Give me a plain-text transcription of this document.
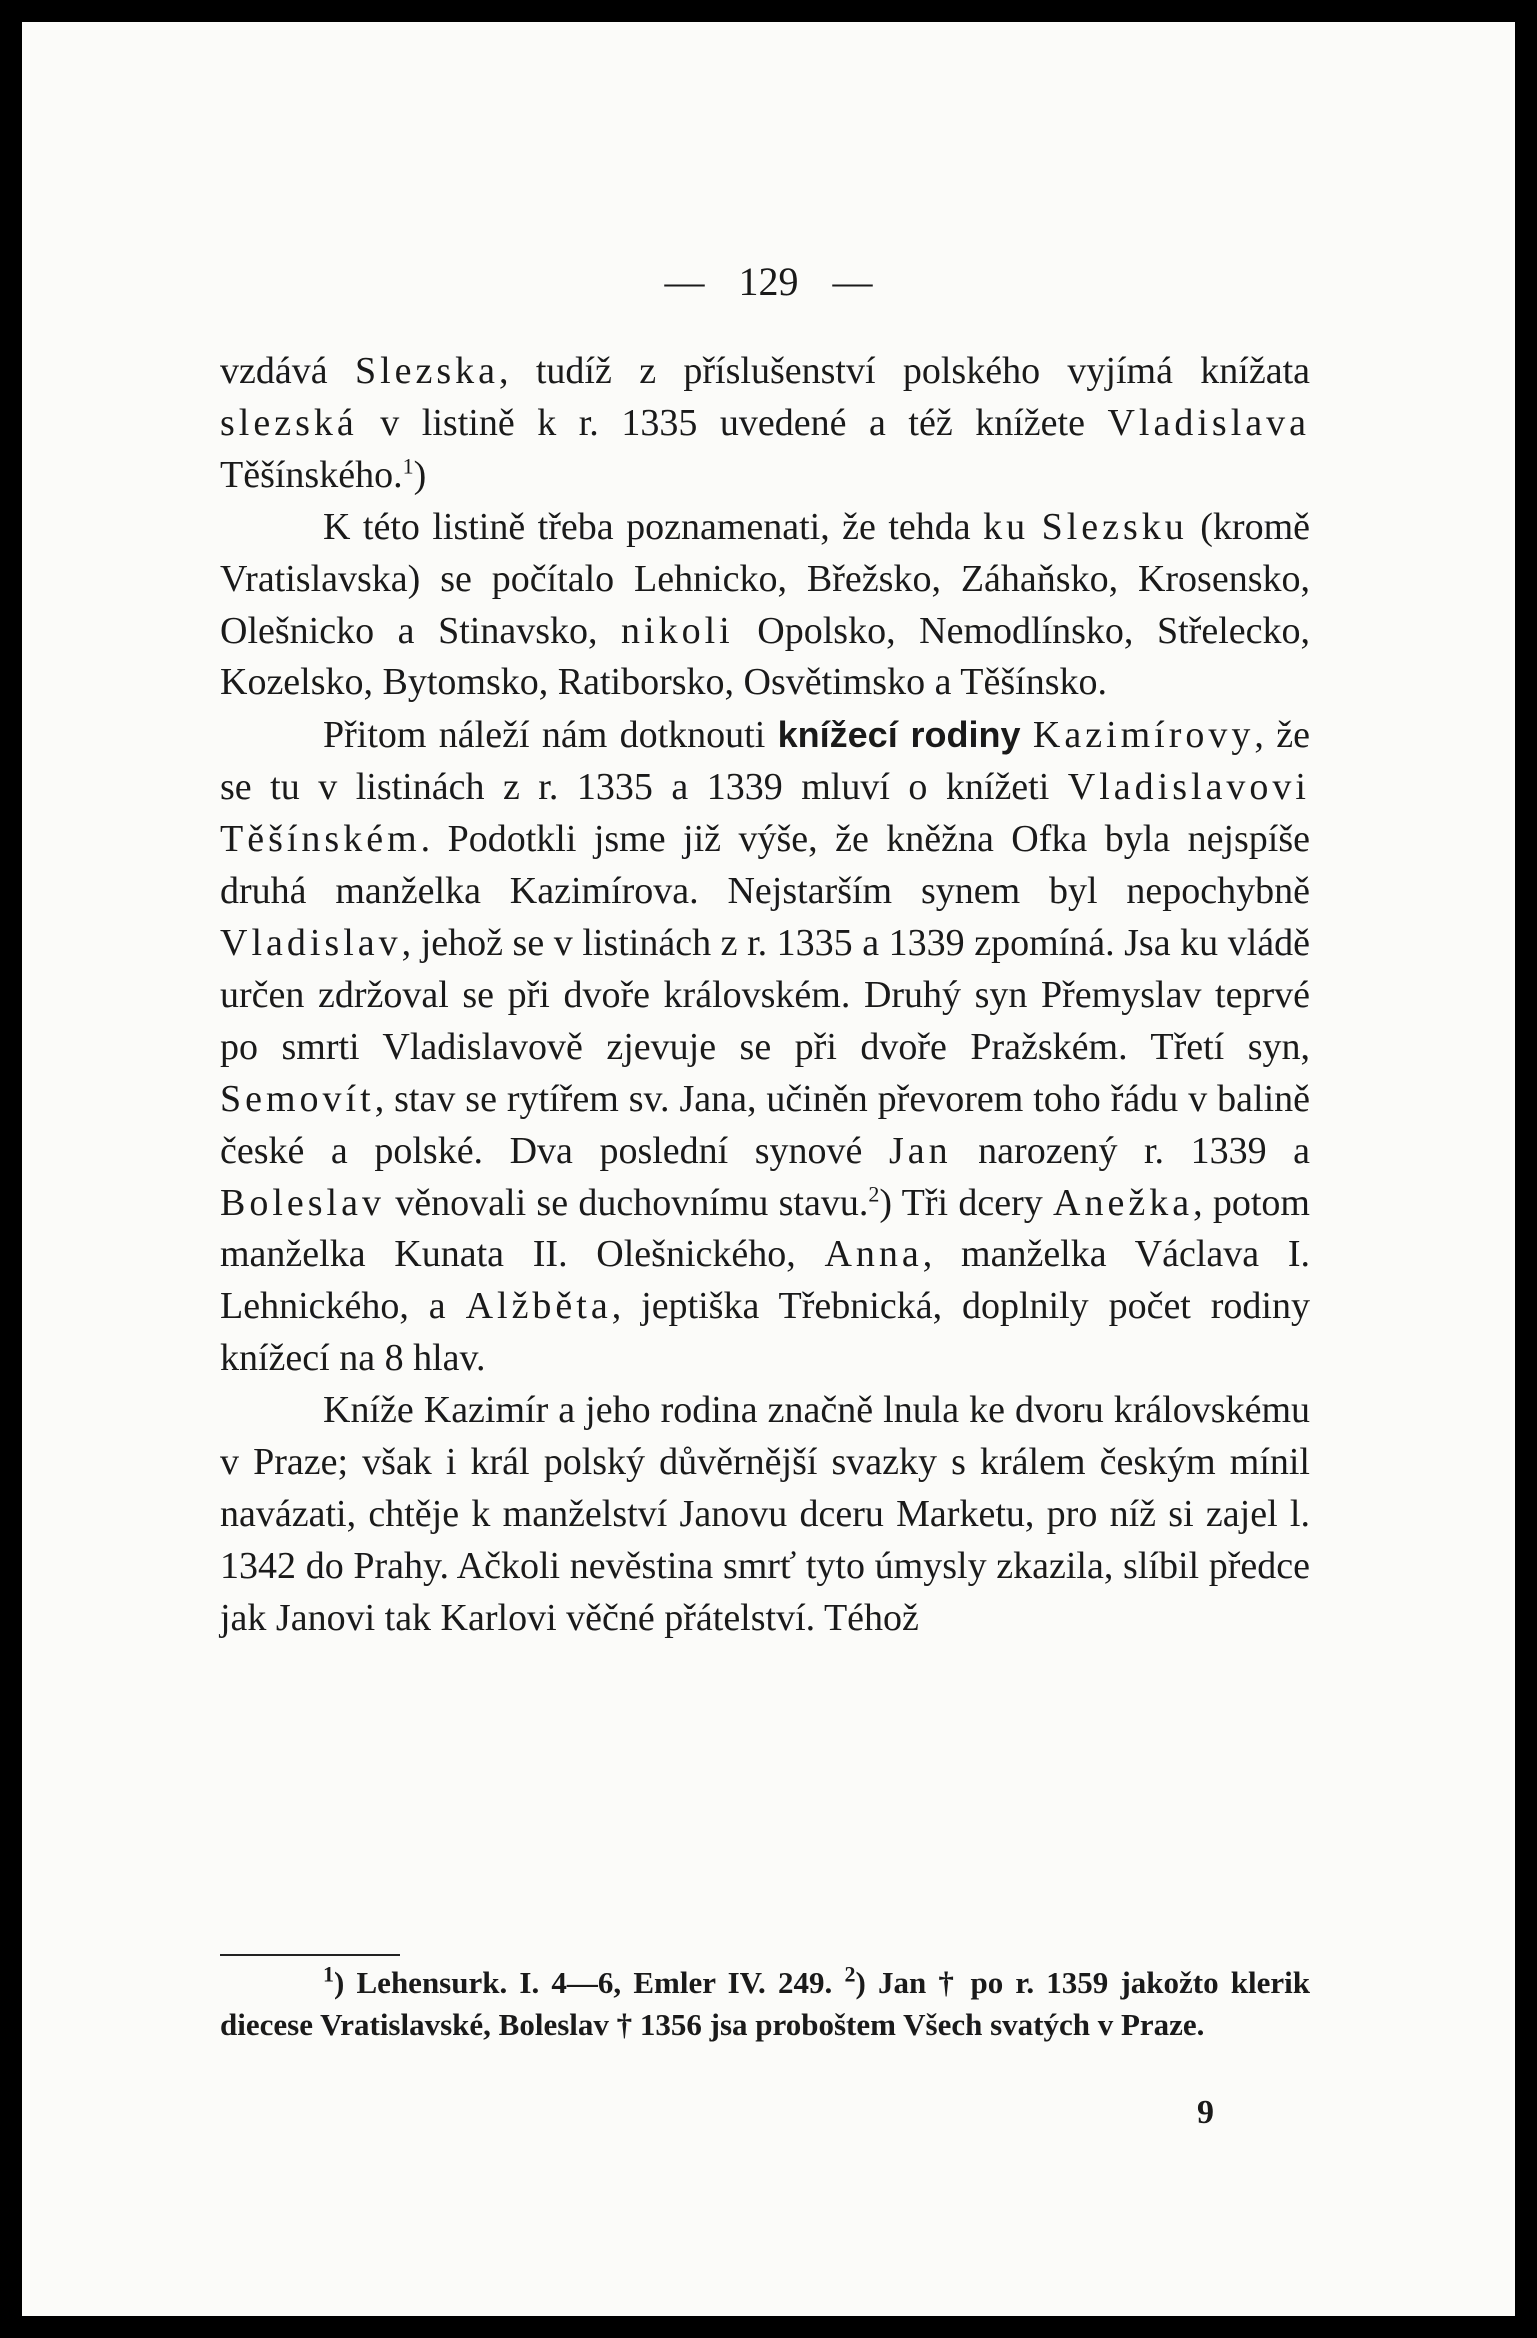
— 129 —

vzdává Slezska, tudíž z příslušenství polského vyjímá knížata slezská v listině k r. 1335 uvedené a též knížete Vladislava Těšínského.$^1$)

K této listině třeba poznamenati, že tehda ku Slezsku (kromě Vratislavska) se počítalo Lehnicko, Břežsko, Záhaňsko, Krosensko, Olešnicko a Stinavsko, nikoli Opolsko, Nemodlínsko, Střelecko, Kozelsko, Bytomsko, Ratiborsko, Osvětimsko a Těšínsko.

Přitom náleží nám dotknouti knížecí rodiny Kazimírovy, že se tu v listinách z r. 1335 a 1339 mluví o knížeti Vladislavovi Těšínském. Podotkli jsme již výše, že kněžna Ofka byla nejspíše druhá manželka Kazimírova. Nejstarším synem byl nepochybně Vladislav, jehož se v listinách z r. 1335 a 1339 zpomíná. Jsa ku vládě určen zdržoval se při dvoře královském. Druhý syn Přemyslav teprvé po smrti Vladislavově zjevuje se při dvoře Pražském. Třetí syn, Semovít, stav se rytířem sv. Jana, učiněn převorem toho řádu v balině české a polské. Dva poslední synové Jan narozený r. 1339 a Boleslav věnovali se duchovnímu stavu.$^2$) Tři dcery Anežka, potom manželka Kunata II. Olešnického, Anna, manželka Václava I. Lehnického, a Alžběta, jeptiška Třebnická, doplnily počet rodiny knížecí na 8 hlav.

Kníže Kazimír a jeho rodina značně lnula ke dvoru královskému v Praze; však i král polský důvěrnější svazky s králem českým mínil navázati, chtěje k manželství Janovu dceru Marketu, pro níž si zajel l. 1342 do Prahy. Ačkoli nevěstina smrť tyto úmysly zkazila, slíbil předce jak Janovi tak Karlovi věčné přátelství. Téhož

$^1$) Lehensurk. I. 4—6, Emler IV. 249. $^2$) Jan † po r. 1359 jakožto klerik diecese Vratislavské, Boleslav † 1356 jsa proboštem Všech svatých v Praze.

9
